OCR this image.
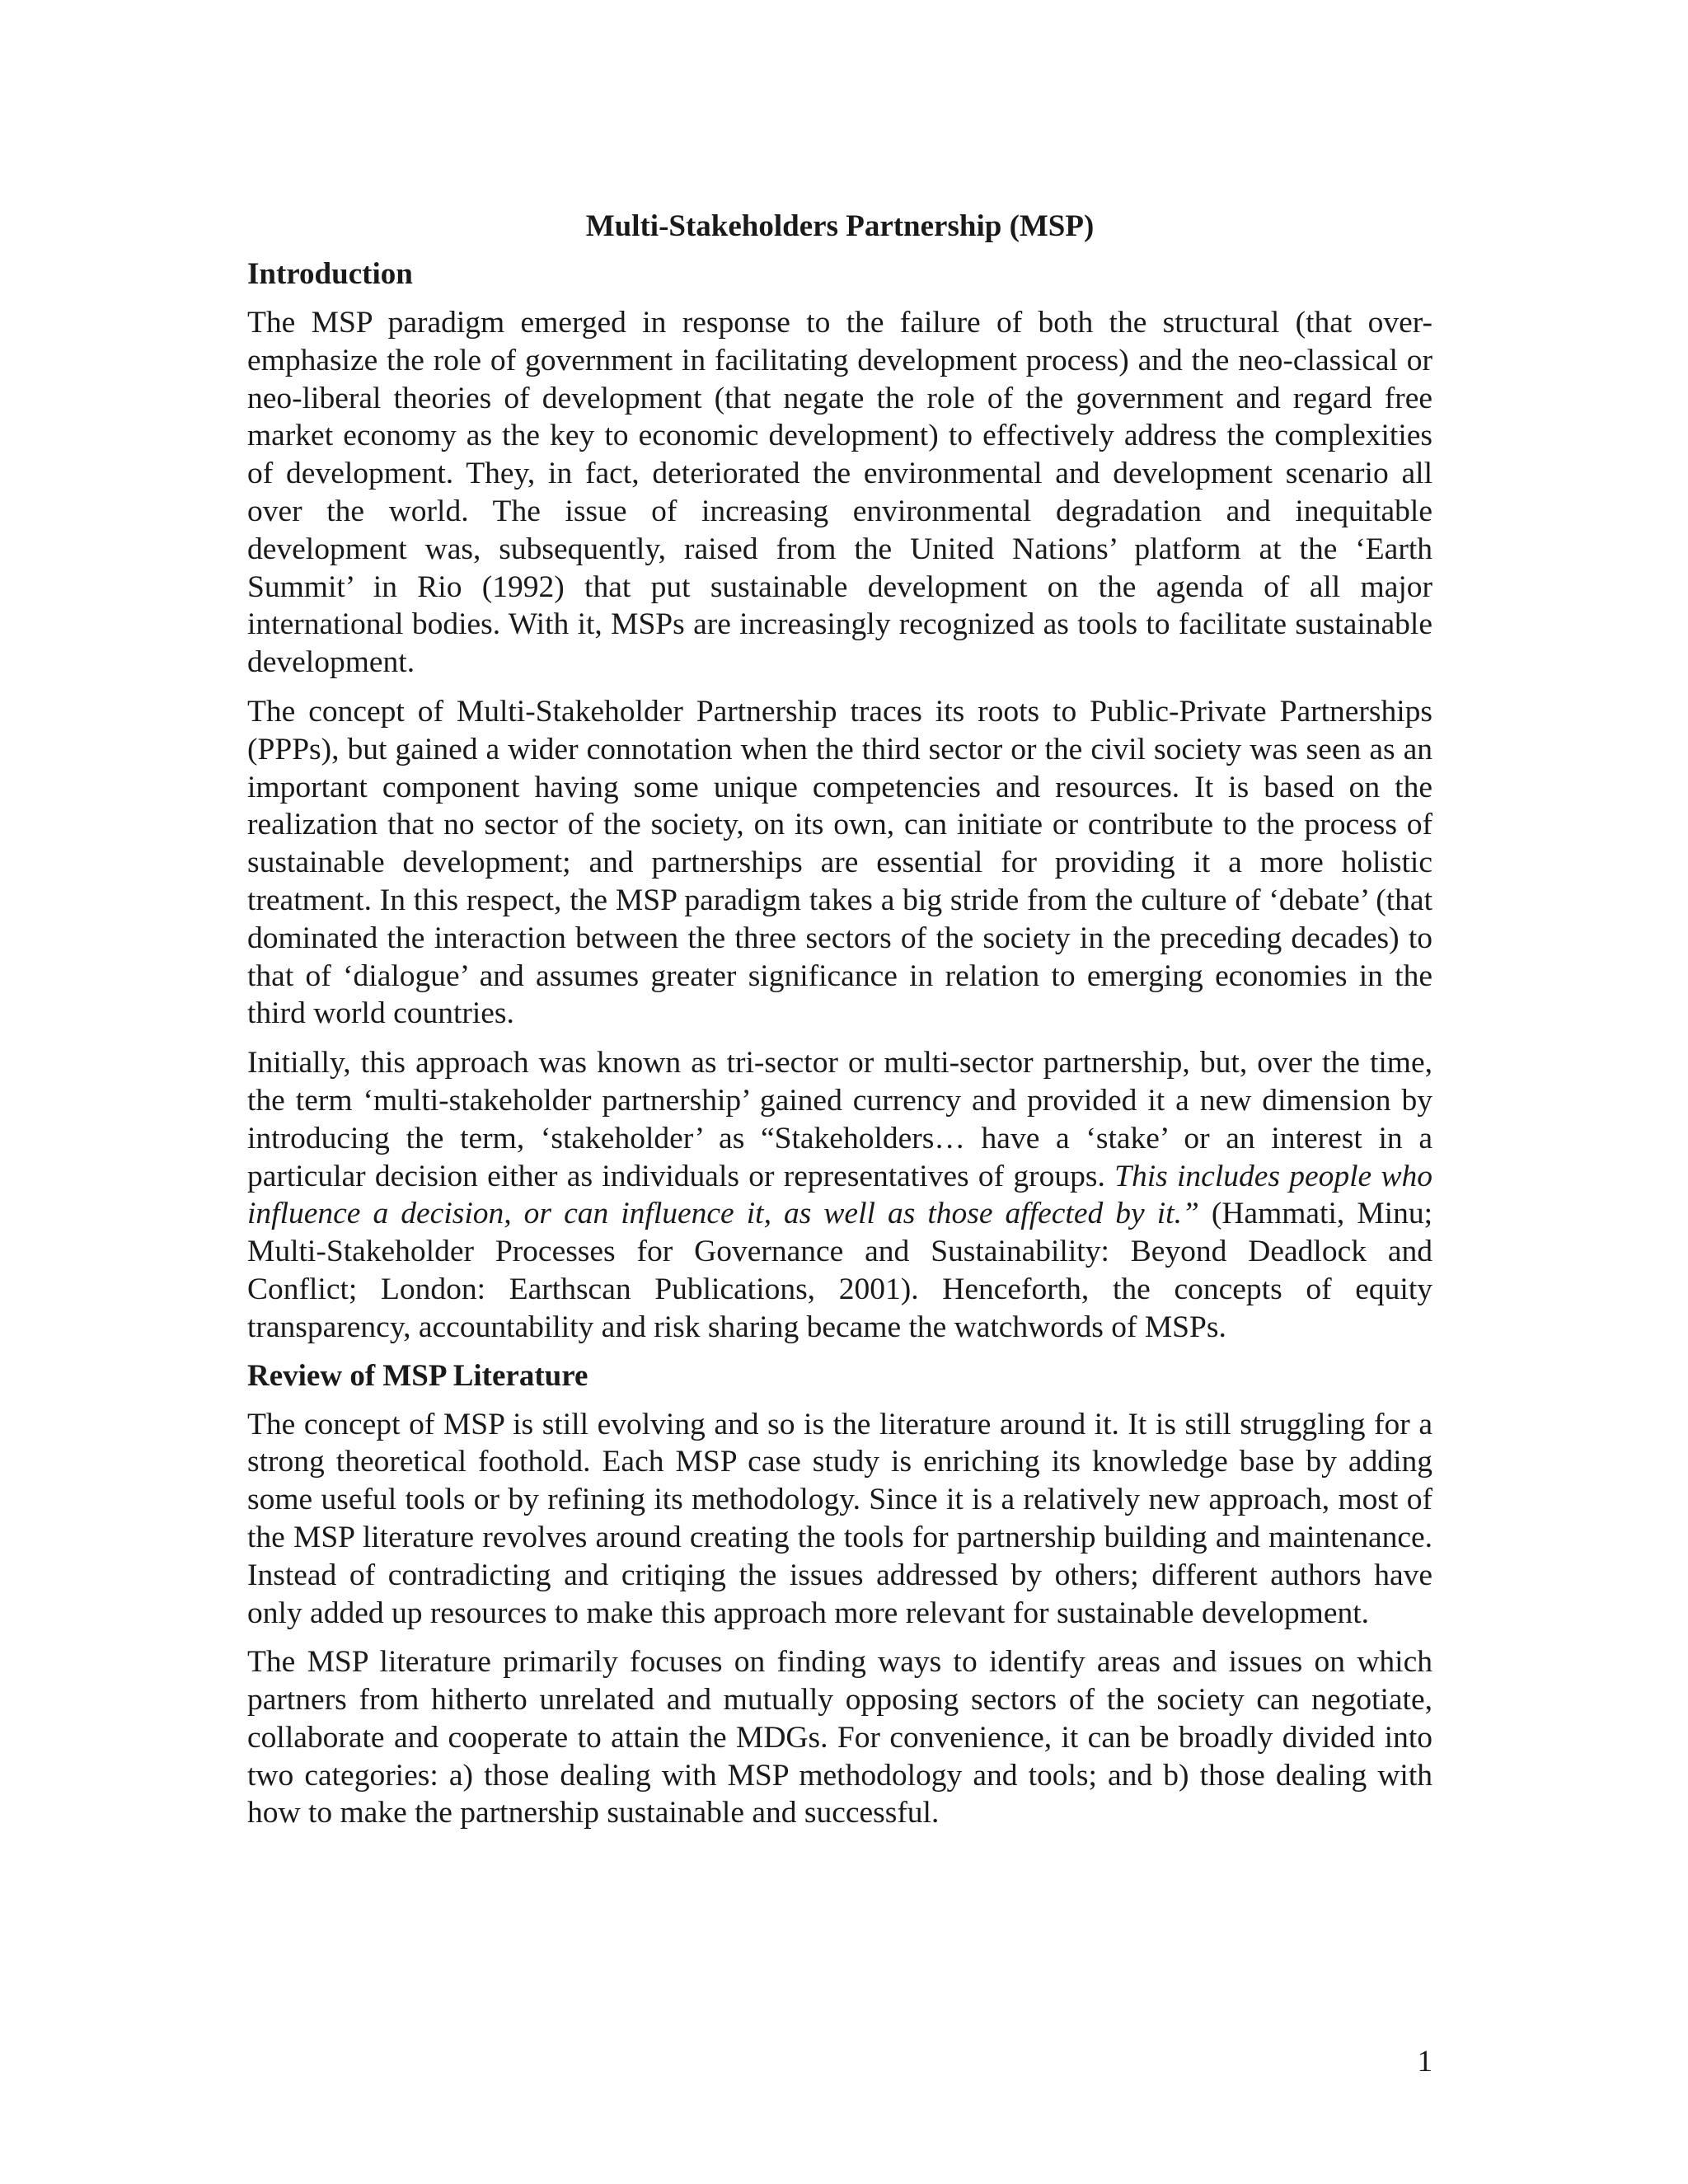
Multi-Stakeholders Partnership (MSP)
Introduction

The MSP paradigm emerged in response to the failure of both the structural (that over-emphasize the role of government in facilitating development process) and the neo-classical or neo-liberal theories of development (that negate the role of the government and regard free market economy as the key to economic development) to effectively address the complexities of development. They, in fact, deteriorated the environmental and development scenario all over the world. The issue of increasing environmental degradation and inequitable development was, subsequently, raised from the United Nations’ platform at the ‘Earth Summit’ in Rio (1992) that put sustainable development on the agenda of all major international bodies. With it, MSPs are increasingly recognized as tools to facilitate sustainable development.

The concept of Multi-Stakeholder Partnership traces its roots to Public-Private Partnerships (PPPs), but gained a wider connotation when the third sector or the civil society was seen as an important component having some unique competencies and resources. It is based on the realization that no sector of the society, on its own, can initiate or contribute to the process of sustainable development; and partnerships are essential for providing it a more holistic treatment. In this respect, the MSP paradigm takes a big stride from the culture of ‘debate’ (that dominated the interaction between the three sectors of the society in the preceding decades) to that of ‘dialogue’ and assumes greater significance in relation to emerging economies in the third world countries.

Initially, this approach was known as tri-sector or multi-sector partnership, but, over the time, the term ‘multi-stakeholder partnership’ gained currency and provided it a new dimension by introducing the term, ‘stakeholder’ as “Stakeholders… have a ‘stake’ or an interest in a particular decision either as individuals or representatives of groups. This includes people who influence a decision, or can influence it, as well as those affected by it.” (Hammati, Minu; Multi-Stakeholder Processes for Governance and Sustainability: Beyond Deadlock and Conflict; London: Earthscan Publications, 2001). Henceforth, the concepts of equity transparency, accountability and risk sharing became the watchwords of MSPs.

Review of MSP Literature

The concept of MSP is still evolving and so is the literature around it. It is still struggling for a strong theoretical foothold. Each MSP case study is enriching its knowledge base by adding some useful tools or by refining its methodology. Since it is a relatively new approach, most of the MSP literature revolves around creating the tools for partnership building and maintenance. Instead of contradicting and critiqing the issues addressed by others; different authors have only added up resources to make this approach more relevant for sustainable development.

The MSP literature primarily focuses on finding ways to identify areas and issues on which partners from hitherto unrelated and mutually opposing sectors of the society can negotiate, collaborate and cooperate to attain the MDGs. For convenience, it can be broadly divided into two categories: a) those dealing with MSP methodology and tools; and b) those dealing with how to make the partnership sustainable and successful.

1
